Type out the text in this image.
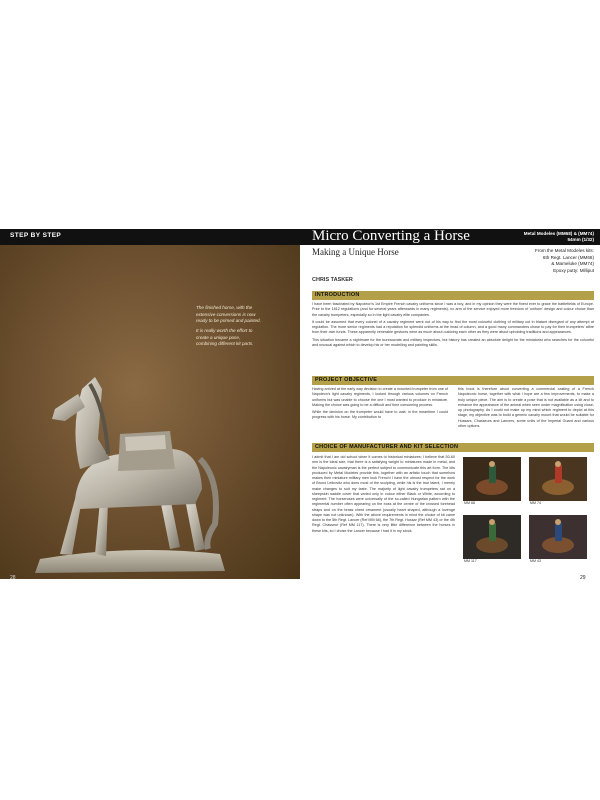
STEP BY STEP

The finished horse, with the extensive conversions is now ready to be primed and painted.

It is really worth the effort to create a unique pose, combining different kit parts.

28
Micro Converting a Horse	Metal Modeles (MM68) & (MM74)
54mm (1/32)
Making a Unique Horse	From the Metal Modeles kits:
6th Regt. Lancer (MM68)
& Mameluke (MM74)
Epoxy putty: Milliput
CHRIS TASKER
INTRODUCTION

I have been fascinated by Napoleon's 1st Empire French cavalry uniforms since I was a boy, and in my opinion they were the finest ever to grace the battlefields of Europe. Prior to the 1812 regulations (and for several years afterwards in many regiments), no arm of the service enjoyed more freedom of 'uniform' design and colour choice than the cavalry trumpeters, especially so in the light cavalry elite companies.

It could be assumed that every colonel of a cavalry regiment went out of his way to find the most colourful clothing of military cut in blatant disregard of any attempt at regulation. The more senior regiments had a reputation for splendid uniforms at the head of column, and a good many commanders chose to pay for their trumpeters' attire from their own funds. These apparently venerable gestures were as much about outdoing each other as they were about upholding traditions and appearances.

This situation became a nightmare for the bureaucrats and military inspectors, but history has created an absolute delight for the miniaturist who searches for the colourful and unusual against which to develop his or her modelling and painting skills.

PROJECT OBJECTIVE

Having arrived at the early way decision to create a mounted trumpeter from one of Napoleon's light cavalry regiments, I looked through various volumes on French uniforms but was unable to choose the one I most wanted to produce in miniature. Making the choice was going to be a difficult and time consuming process.

While the decision on the trumpeter would have to wait, in the meantime I could progress with his horse. My contribution to

this book is therefore about converting a commercial casting of a French Napoleonic horse, together with what I hope are a few improvements, to make a truly unique piece. The aim is to create a pose that is not available as a kit and to enhance the appearance of the animal when seen under magnification using close-up photography. As I could not make up my mind which regiment to depict at this stage, my objective was to build a generic cavalry mount that would be suitable for Hussars, Chasseurs and Lancers, some units of the Imperial Guard and various other options.

CHOICE OF MANUFACTURER AND KIT SELECTION

I admit that I am old school when it comes to historical miniatures; I believe that 50-60 mm is the ideal size, that there is a satisfying weight to miniatures made in metal, and the Napoleonic cavalryman is the perfect subject to communicate this art form. The kits produced by Metal Modeles provide this, together with an artistic touch that somehow makes their miniature military men look French! I have the utmost respect for the work of Bruno Leibovitz who does most of the sculpting, while his is the true talent, I merely make changes to suit my taste. The majority of light cavalry trumpeters sat on a sheepskin saddle cover that varied only in colour either Black or White, according to regiment. The horseroses were universally of the so-called Hungarian pattern with the regimental number often appearing on the boss at the centre of the crossed forehead straps and on the brass chest ornament (usually heart shaped, although a lozenge shape was not unknown). With the above requirements in mind the choice of kit came down to the 5th Regt. Lancer (Ref MM 68), the 7th Regt. Hussar (Ref MM 43) or the 4th Regt. Chasseur (Ref MM 117). There is very little difference between the horses in these kits, so I chose the Lancer because I had it in my stock.

MM 68	MM 74
MM 117	MM 43
29
